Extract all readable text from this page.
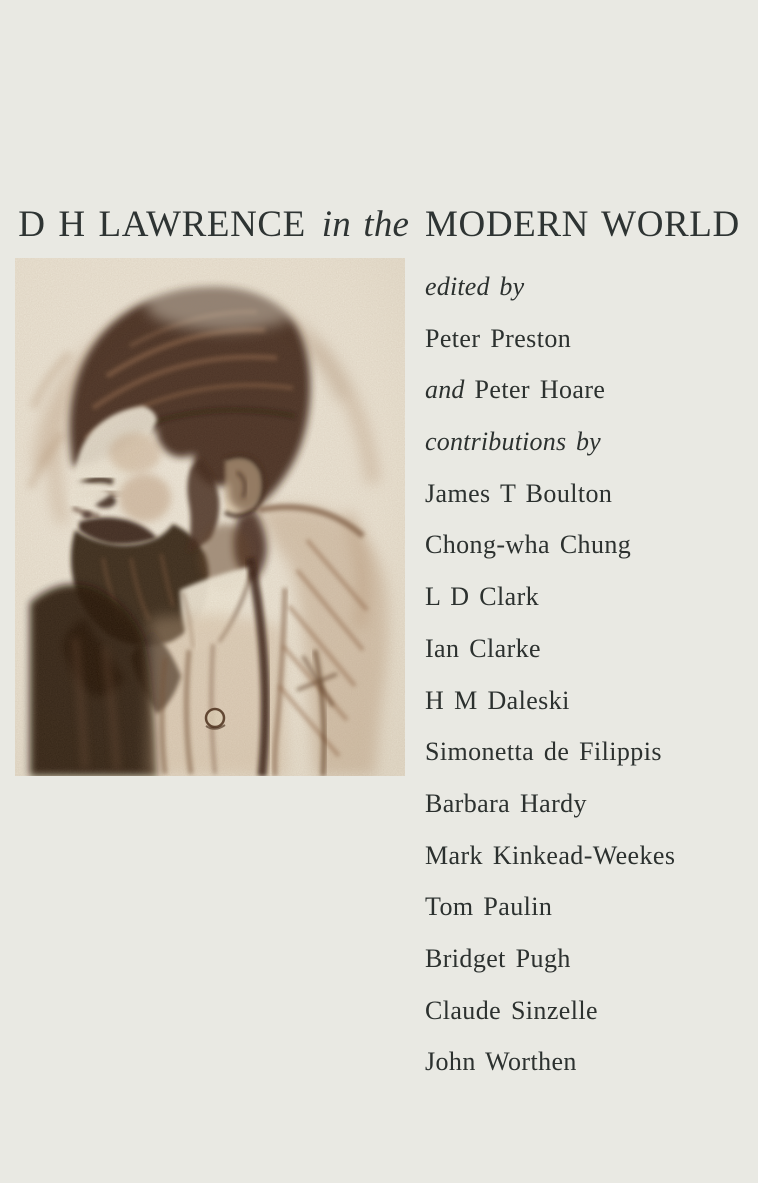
D H LAWRENCE in the MODERN WORLD
edited by
Peter Preston
and Peter Hoare
contributions by
James T Boulton
Chong-wha Chung
L D Clark
Ian Clarke
H M Daleski
Simonetta de Filippis
Barbara Hardy
Mark Kinkead-Weekes
Tom Paulin
Bridget Pugh
Claude Sinzelle
John Worthen
